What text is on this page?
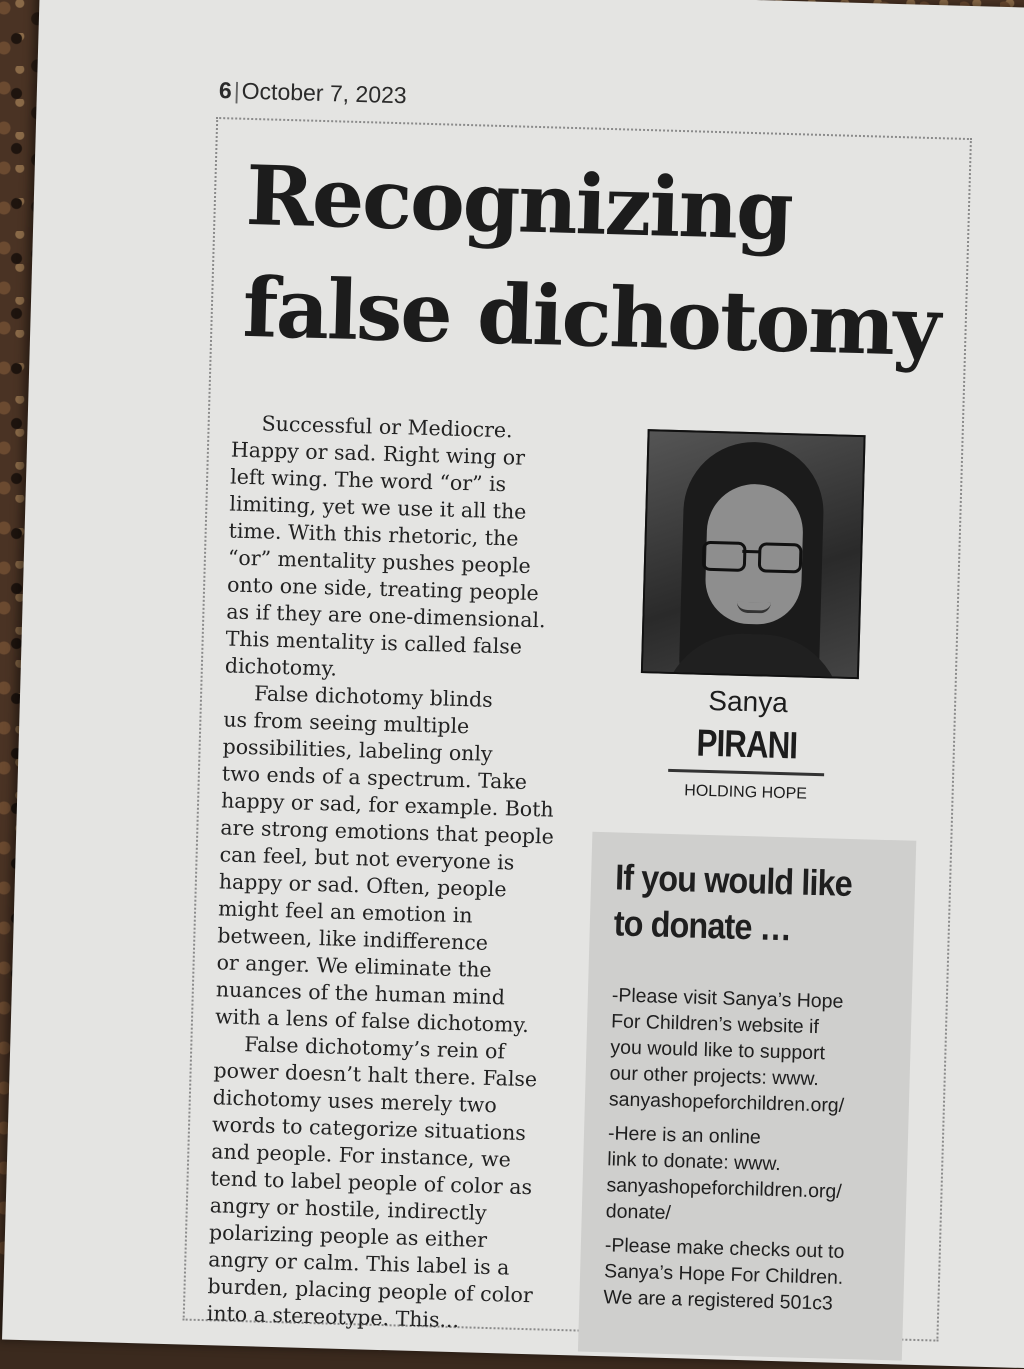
6|October 7, 2023
Recognizing
false dichotomy

Successful or Mediocre.
Happy or sad. Right wing or
left wing. The word “or” is
limiting, yet we use it all the
time. With this rhetoric, the
“or” mentality pushes people
onto one side, treating people
as if they are one-dimensional.
This mentality is called false
dichotomy.

False dichotomy blinds
us from seeing multiple
possibilities, labeling only
two ends of a spectrum. Take
happy or sad, for example. Both
are strong emotions that people
can feel, but not everyone is
happy or sad. Often, people
might feel an emotion in
between, like indifference
or anger. We eliminate the
nuances of the human mind
with a lens of false dichotomy.

False dichotomy’s rein of
power doesn’t halt there. False
dichotomy uses merely two
words to categorize situations
and people. For instance, we
tend to label people of color as
angry or hostile, indirectly
polarizing people as either
angry or calm. This label is a
burden, placing people of color
into a stereotype. This...

Sanya
PIRANI
HOLDING HOPE
If you would like
to donate …
-Please visit Sanya’s Hope
For Children’s website if
you would like to support
our other projects: www.
sanyashopeforchildren.org/
-Here is an online
link to donate: www.
sanyashopeforchildren.org/
donate/
-Please make checks out to
Sanya’s Hope For Children.
We are a registered 501c3
